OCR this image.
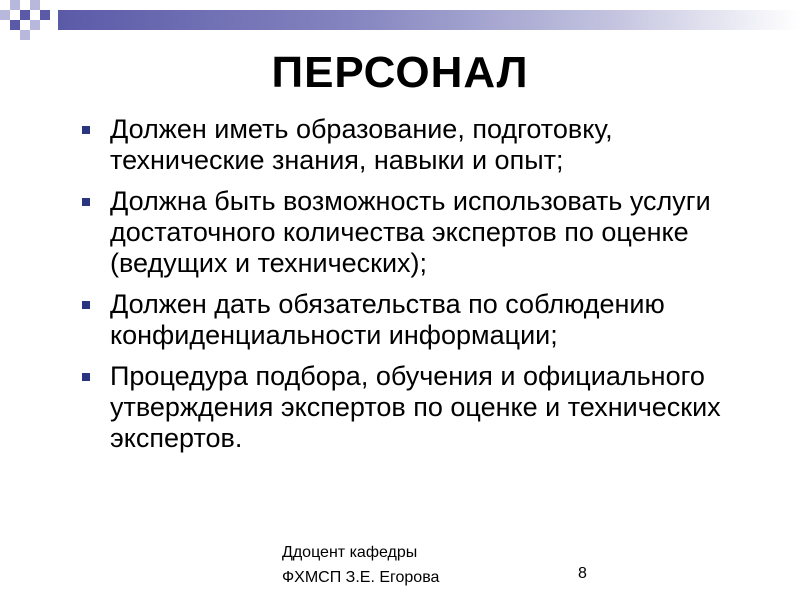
ПЕРСОНАЛ
Должен иметь образование, подготовку, технические знания, навыки и опыт;
Должна быть возможность использовать услуги достаточного количества экспертов по оценке (ведущих и технических);
Должен дать обязательства по соблюдению конфиденциальности информации;
Процедура подбора, обучения и официального утверждения экспертов по оценке и технических экспертов.
Ддоцент кафедры
ФХМСП З.Е. Егорова	8
